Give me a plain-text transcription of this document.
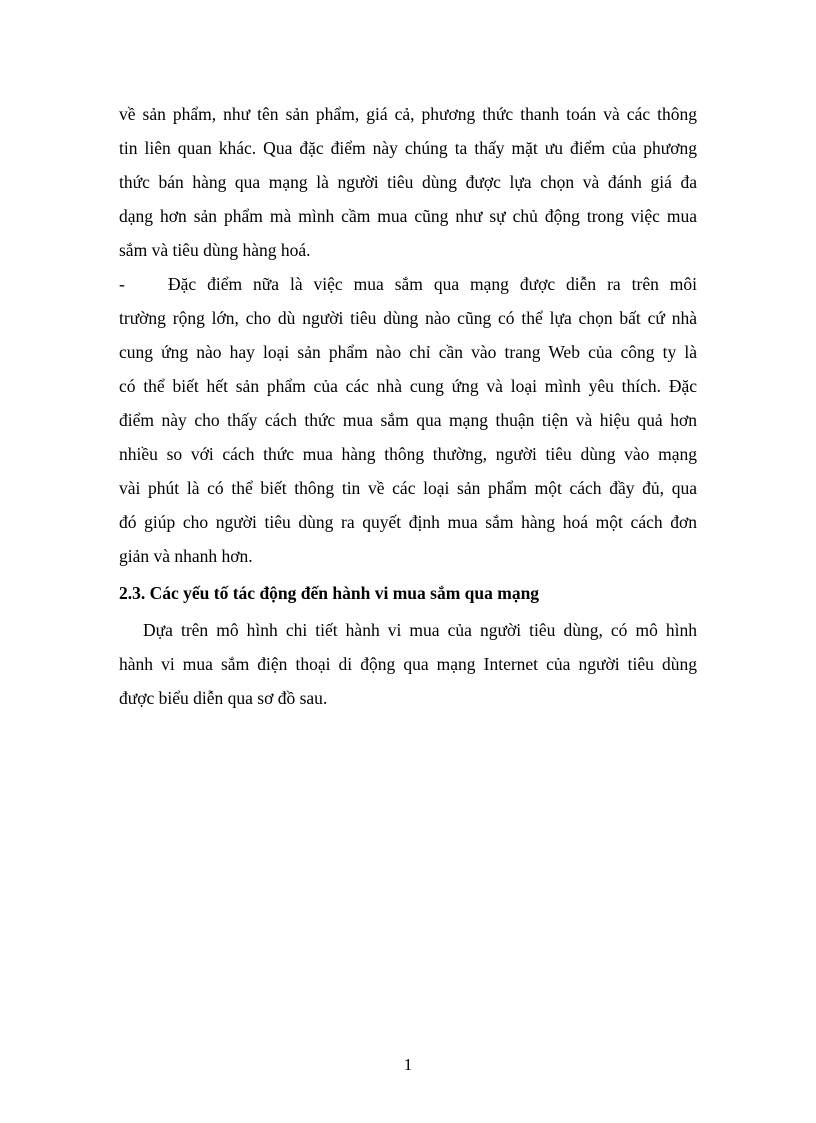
về sản phẩm, như tên sản phẩm, giá cả, phương thức thanh toán và các thông
tin liên quan khác. Qua đặc điểm này chúng ta thấy mặt ưu điểm của phương
thức bán hàng qua mạng là người tiêu dùng được lựa chọn và đánh giá đa
dạng hơn sản phẩm mà mình cầm mua cũng như sự chủ động trong việc mua
sắm và tiêu dùng hàng hoá.
- Đặc điểm nữa là việc mua sắm qua mạng được diễn ra trên môi
trường rộng lớn, cho dù người tiêu dùng nào cũng có thể lựa chọn bất cứ nhà
cung ứng nào hay loại sản phẩm nào chỉ cần vào trang Web của công ty là
có thể biết hết sản phẩm của các nhà cung ứng và loại mình yêu thích. Đặc
điểm này cho thấy cách thức mua sắm qua mạng thuận tiện và hiệu quả hơn
nhiều so với cách thức mua hàng thông thường, người tiêu dùng vào mạng
vài phút là có thể biết thông tin về các loại sản phẩm một cách đầy đủ, qua
đó giúp cho người tiêu dùng ra quyết định mua sắm hàng hoá một cách đơn
giản và nhanh hơn.
2.3. Các yếu tố tác động đến hành vi mua sắm qua mạng
Dựa trên mô hình chi tiết hành vi mua của người tiêu dùng, có mô hình
hành vi mua sắm điện thoại di động qua mạng Internet của người tiêu dùng
được biểu diễn qua sơ đồ sau.
1
